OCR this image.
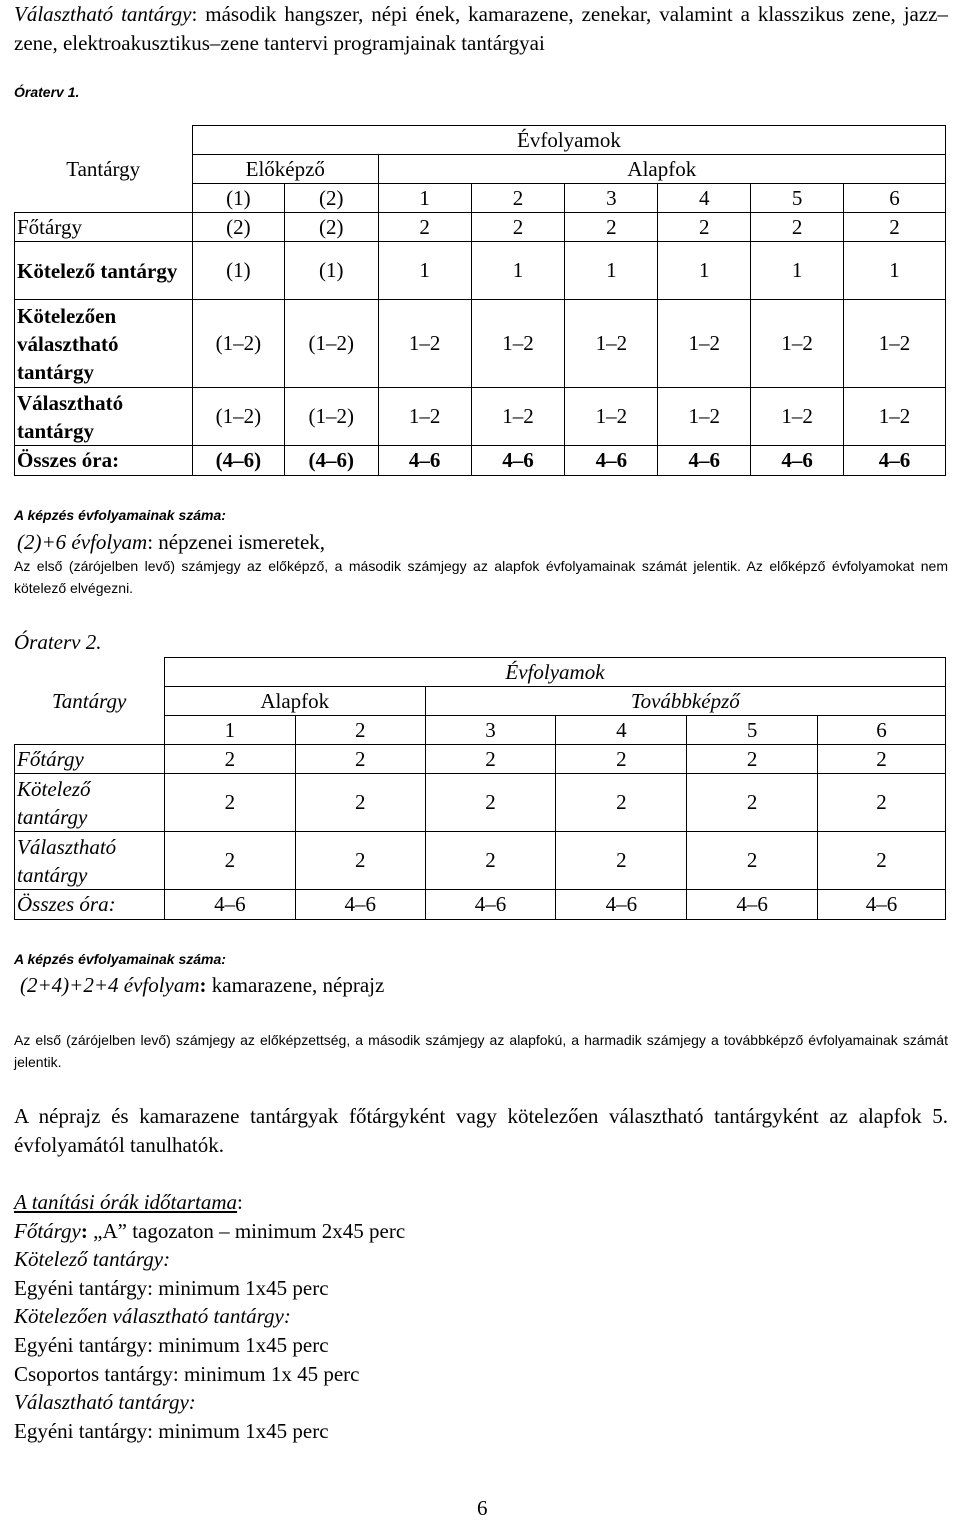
Választható tantárgy: második hangszer, népi ének, kamarazene, zenekar, valamint a klasszikus zene, jazz–zene, elektroakusztikus–zene tantervi programjainak tantárgyai
Óraterv 1.
	Évfolyamok							
Tantárgy	Előképző		Alapfok					
	(1)	(2)	1	2	3	4	5	6
Főtárgy	(2)	(2)	2	2	2	2	2	2
Kötelező tantárgy	(1)	(1)	1	1	1	1	1	1
Kötelezően választható tantárgy	(1–2)	(1–2)	1–2	1–2	1–2	1–2	1–2	1–2
Választható tantárgy	(1–2)	(1–2)	1–2	1–2	1–2	1–2	1–2	1–2
Összes óra:	(4–6)	(4–6)	4–6	4–6	4–6	4–6	4–6	4–6
A képzés évfolyamainak száma:
(2)+6 évfolyam: népzenei ismeretek,
Az első (zárójelben levő) számjegy az előképző, a második számjegy az alapfok évfolyamainak számát jelentik. Az előképző évfolyamokat nem kötelező elvégezni.
Óraterv 2.
	Évfolyamok					
Tantárgy	Alapfok		Továbbképző			
	1	2	3	4	5	6
Főtárgy	2	2	2	2	2	2
Kötelező tantárgy	2	2	2	2	2	2
Választható tantárgy	2	2	2	2	2	2
Összes óra:	4–6	4–6	4–6	4–6	4–6	4–6
A képzés évfolyamainak száma:
(2+4)+2+4 évfolyam: kamarazene, néprajz
Az első (zárójelben levő) számjegy az előképzettség, a második számjegy az alapfokú, a harmadik számjegy a továbbképző évfolyamainak számát jelentik.
A néprajz és kamarazene tantárgyak főtárgyként vagy kötelezően választható tantárgyként az alapfok 5. évfolyamától tanulhatók.
A tanítási órák időtartama:
Főtárgy: „A” tagozaton – minimum 2x45 perc
Kötelező tantárgy:
Egyéni tantárgy: minimum 1x45 perc
Kötelezően választható tantárgy:
Egyéni tantárgy: minimum 1x45 perc
Csoportos tantárgy: minimum 1x 45 perc
Választható tantárgy:
Egyéni tantárgy: minimum 1x45 perc
6
